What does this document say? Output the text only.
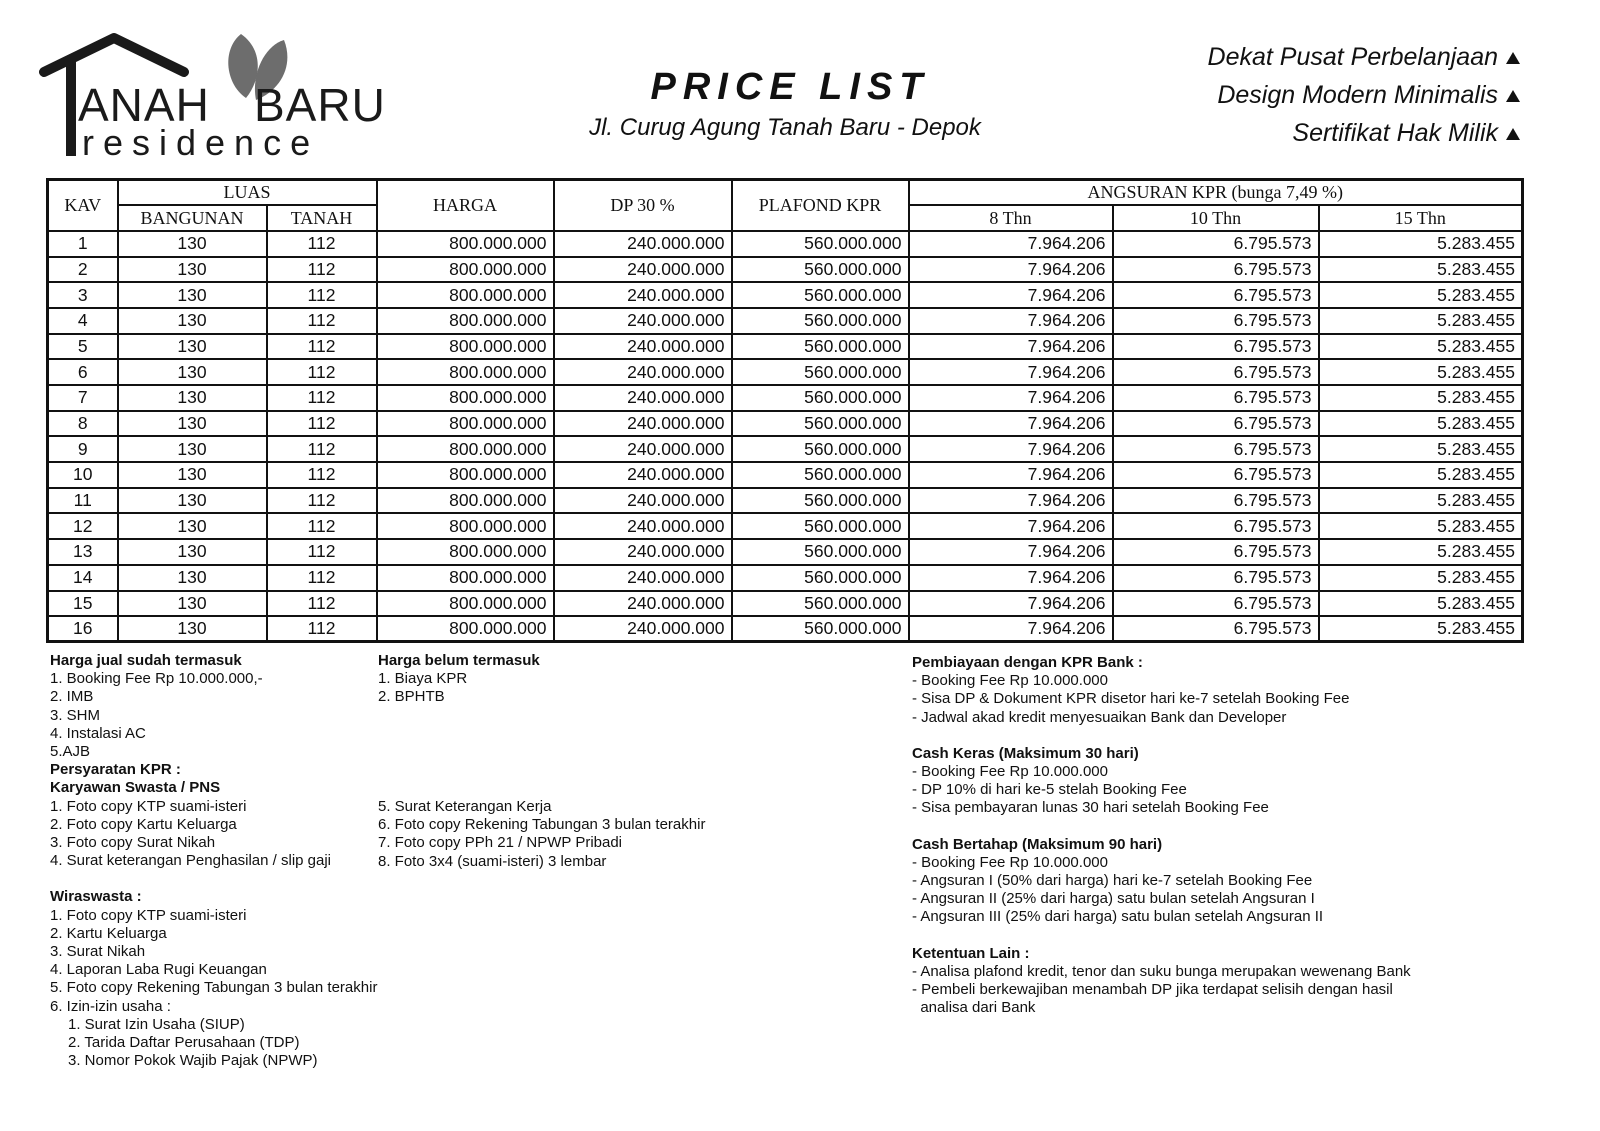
ANAH BARU
residence
PRICE LIST
Jl. Curug Agung Tanah Baru - Depok
Dekat Pusat Perbelanjaan
Design Modern Minimalis
Sertifikat Hak Milik
KAV	LUAS		HARGA	DP 30 %	PLAFOND KPR	ANGSURAN KPR (bunga 7,49 %)		
	BANGUNAN	TANAH				8 Thn	10 Thn	15 Thn
1	130	112	800.000.000	240.000.000	560.000.000	7.964.206	6.795.573	5.283.455
2	130	112	800.000.000	240.000.000	560.000.000	7.964.206	6.795.573	5.283.455
3	130	112	800.000.000	240.000.000	560.000.000	7.964.206	6.795.573	5.283.455
4	130	112	800.000.000	240.000.000	560.000.000	7.964.206	6.795.573	5.283.455
5	130	112	800.000.000	240.000.000	560.000.000	7.964.206	6.795.573	5.283.455
6	130	112	800.000.000	240.000.000	560.000.000	7.964.206	6.795.573	5.283.455
7	130	112	800.000.000	240.000.000	560.000.000	7.964.206	6.795.573	5.283.455
8	130	112	800.000.000	240.000.000	560.000.000	7.964.206	6.795.573	5.283.455
9	130	112	800.000.000	240.000.000	560.000.000	7.964.206	6.795.573	5.283.455
10	130	112	800.000.000	240.000.000	560.000.000	7.964.206	6.795.573	5.283.455
11	130	112	800.000.000	240.000.000	560.000.000	7.964.206	6.795.573	5.283.455
12	130	112	800.000.000	240.000.000	560.000.000	7.964.206	6.795.573	5.283.455
13	130	112	800.000.000	240.000.000	560.000.000	7.964.206	6.795.573	5.283.455
14	130	112	800.000.000	240.000.000	560.000.000	7.964.206	6.795.573	5.283.455
15	130	112	800.000.000	240.000.000	560.000.000	7.964.206	6.795.573	5.283.455
16	130	112	800.000.000	240.000.000	560.000.000	7.964.206	6.795.573	5.283.455
Harga jual sudah termasuk
1. Booking Fee Rp 10.000.000,-
2. IMB
3. SHM
4. Instalasi AC
5.AJB
Persyaratan KPR :
Karyawan Swasta / PNS
1. Foto copy KTP suami-isteri
2. Foto copy Kartu Keluarga
3. Foto copy Surat Nikah
4. Surat keterangan Penghasilan / slip gaji
Wiraswasta :
1. Foto copy KTP suami-isteri
2. Kartu Keluarga
3. Surat Nikah
4. Laporan Laba Rugi Keuangan
5. Foto copy Rekening Tabungan 3 bulan terakhir
6. Izin-izin usaha :
1. Surat Izin Usaha (SIUP)
2. Tarida Daftar Perusahaan (TDP)
3. Nomor Pokok Wajib Pajak (NPWP)
Harga belum termasuk
1. Biaya KPR
2. BPHTB
5. Surat Keterangan Kerja
6. Foto copy Rekening Tabungan 3 bulan terakhir
7. Foto copy PPh 21 / NPWP Pribadi
8. Foto 3x4 (suami-isteri) 3 lembar
Pembiayaan dengan KPR Bank :
- Booking Fee Rp 10.000.000
- Sisa DP & Dokument KPR disetor hari ke-7 setelah Booking Fee
- Jadwal akad kredit menyesuaikan Bank dan Developer
Cash Keras (Maksimum 30 hari)
- Booking Fee Rp 10.000.000
- DP 10% di hari ke-5 stelah Booking Fee
- Sisa pembayaran lunas 30 hari setelah Booking Fee
Cash Bertahap (Maksimum 90 hari)
- Booking Fee Rp 10.000.000
- Angsuran I (50% dari harga) hari ke-7 setelah Booking Fee
- Angsuran II (25% dari harga) satu bulan setelah Angsuran I
- Angsuran III (25% dari harga) satu bulan setelah Angsuran II
Ketentuan Lain :
- Analisa plafond kredit, tenor dan suku bunga merupakan wewenang Bank
- Pembeli berkewajiban menambah DP jika terdapat selisih dengan hasil
analisa dari Bank
